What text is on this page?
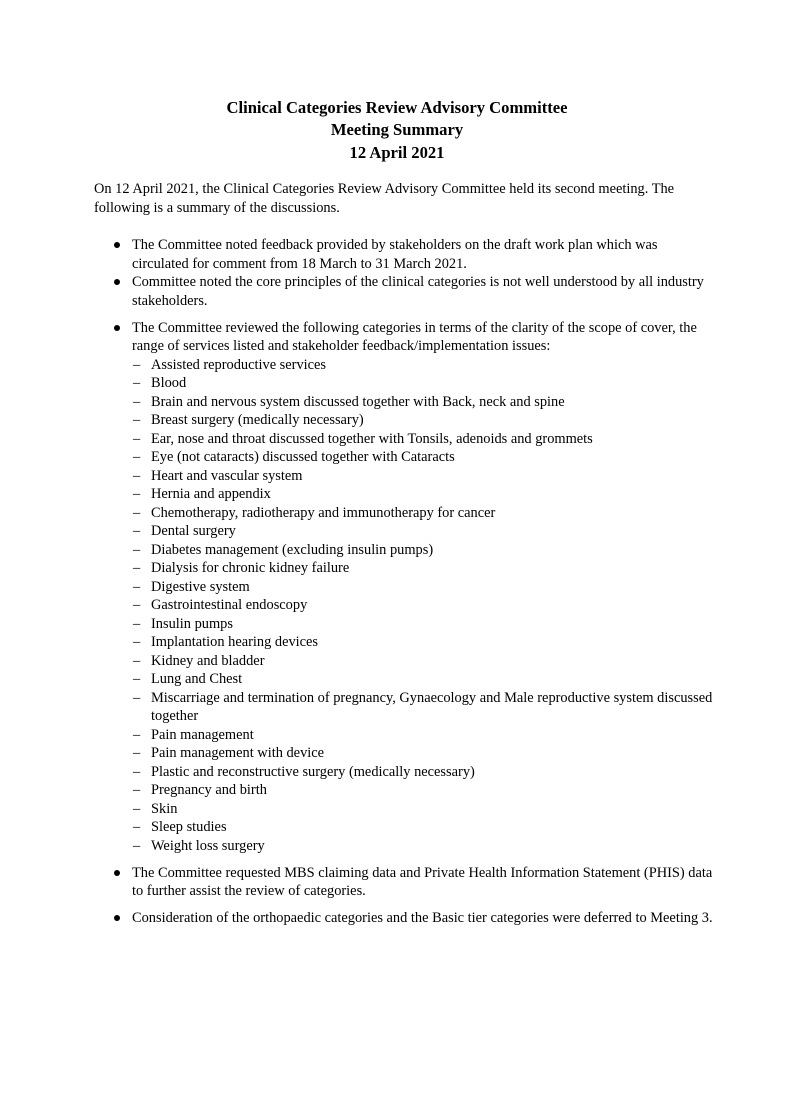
Clinical Categories Review Advisory Committee
Meeting Summary
12 April 2021

On 12 April 2021, the Clinical Categories Review Advisory Committee held its second meeting. The following is a summary of the discussions.

The Committee noted feedback provided by stakeholders on the draft work plan which was circulated for comment from 18 March to 31 March 2021.
Committee noted the core principles of the clinical categories is not well understood by all industry stakeholders.
The Committee reviewed the following categories in terms of the clarity of the scope of cover, the range of services listed and stakeholder feedback/implementation issues:
– Assisted reproductive services
– Blood
– Brain and nervous system discussed together with Back, neck and spine
– Breast surgery (medically necessary)
– Ear, nose and throat discussed together with Tonsils, adenoids and grommets
– Eye (not cataracts) discussed together with Cataracts
– Heart and vascular system
– Hernia and appendix
– Chemotherapy, radiotherapy and immunotherapy for cancer
– Dental surgery
– Diabetes management (excluding insulin pumps)
– Dialysis for chronic kidney failure
– Digestive system
– Gastrointestinal endoscopy
– Insulin pumps
– Implantation hearing devices
– Kidney and bladder
– Lung and Chest
– Miscarriage and termination of pregnancy, Gynaecology and Male reproductive system discussed together
– Pain management
– Pain management with device
– Plastic and reconstructive surgery (medically necessary)
– Pregnancy and birth
– Skin
– Sleep studies
– Weight loss surgery
The Committee requested MBS claiming data and Private Health Information Statement (PHIS) data to further assist the review of categories.
Consideration of the orthopaedic categories and the Basic tier categories were deferred to Meeting 3.
